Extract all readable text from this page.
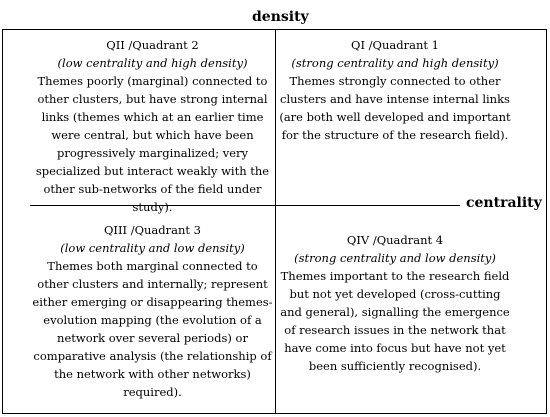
density
centrality
QII /Quadrant 2
(low centrality and high density)
Themes poorly (marginal) connected to other clusters, but have strong internal links (themes which at an earlier time were central, but which have been progressively marginalized; very specialized but interact weakly with the other sub-networks of the field under study).
QI /Quadrant 1
(strong centrality and high density)
Themes strongly connected to other clusters and have intense internal links (are both well developed and important for the structure of the research field).
QIII /Quadrant 3
(low centrality and low density)
Themes both marginal connected to other clusters and internally; represent either emerging or disappearing themes-evolution mapping (the evolution of a network over several periods) or comparative analysis (the relationship of the network with other networks) required).
QIV /Quadrant 4
(strong centrality and low density)
Themes important to the research field but not yet developed (cross-cutting and general), signalling the emergence of research issues in the network that have come into focus but have not yet been sufficiently recognised).
